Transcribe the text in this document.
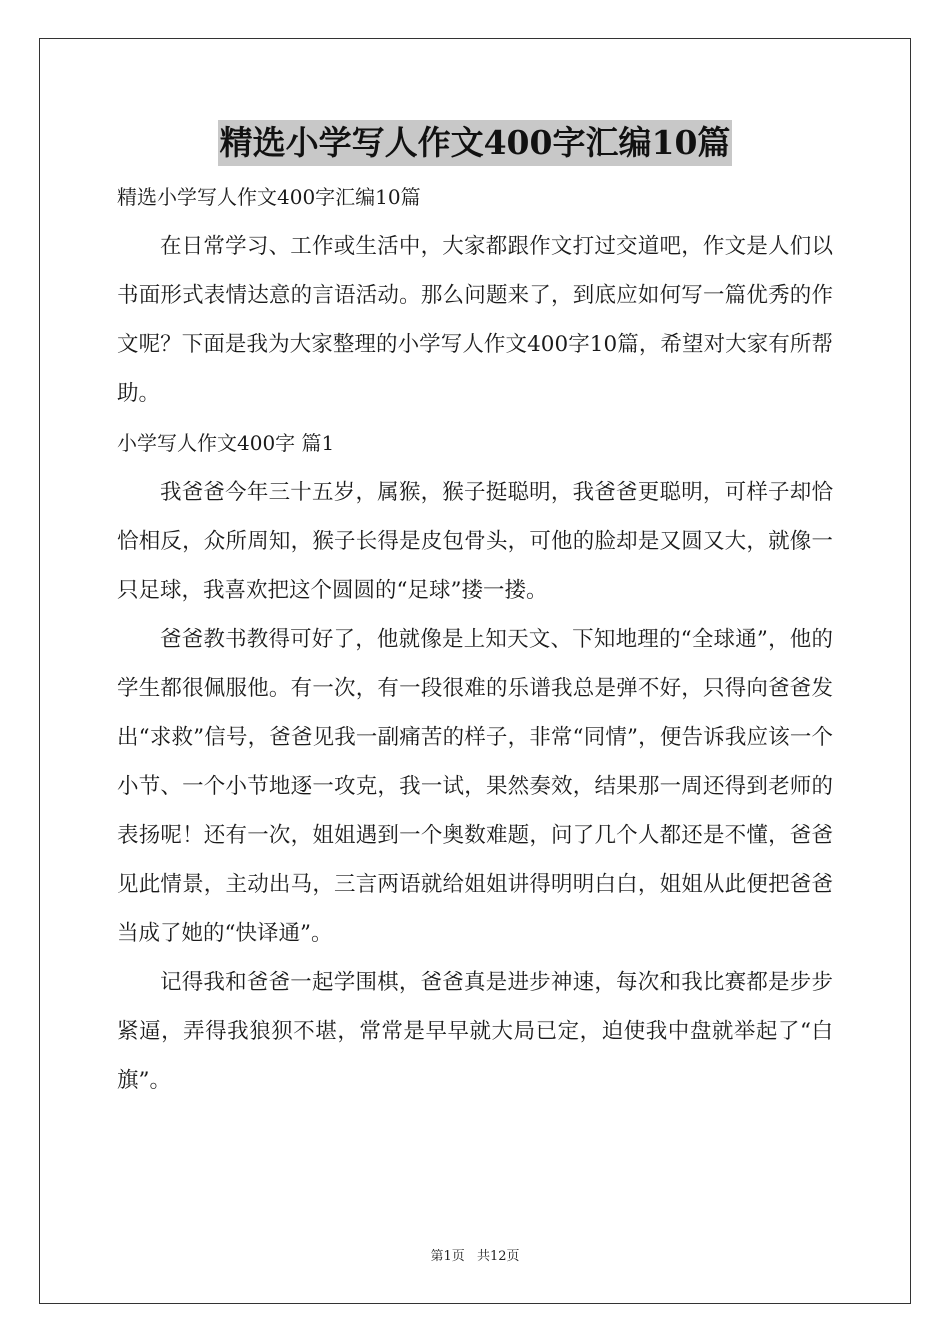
精选小学写人作文400字汇编10篇
精选小学写人作文400字汇编10篇

在日常学习、工作或生活中，大家都跟作文打过交道吧，作文是人们以书面形式表情达意的言语活动。那么问题来了，到底应如何写一篇优秀的作文呢？下面是我为大家整理的小学写人作文400字10篇，希望对大家有所帮助。

小学写人作文400字 篇1

我爸爸今年三十五岁，属猴，猴子挺聪明，我爸爸更聪明，可样子却恰恰相反，众所周知，猴子长得是皮包骨头，可他的脸却是又圆又大，就像一只足球，我喜欢把这个圆圆的“足球”搂一搂。

爸爸教书教得可好了，他就像是上知天文、下知地理的“全球通”，他的学生都很佩服他。有一次，有一段很难的乐谱我总是弹不好，只得向爸爸发出“求救”信号，爸爸见我一副痛苦的样子，非常“同情”，便告诉我应该一个小节、一个小节地逐一攻克，我一试，果然奏效，结果那一周还得到老师的表扬呢！还有一次，姐姐遇到一个奥数难题，问了几个人都还是不懂，爸爸见此情景，主动出马，三言两语就给姐姐讲得明明白白，姐姐从此便把爸爸当成了她的“快译通”。

记得我和爸爸一起学围棋，爸爸真是进步神速，每次和我比赛都是步步紧逼，弄得我狼狈不堪，常常是早早就大局已定，迫使我中盘就举起了“白旗”。

第1页 共12页
